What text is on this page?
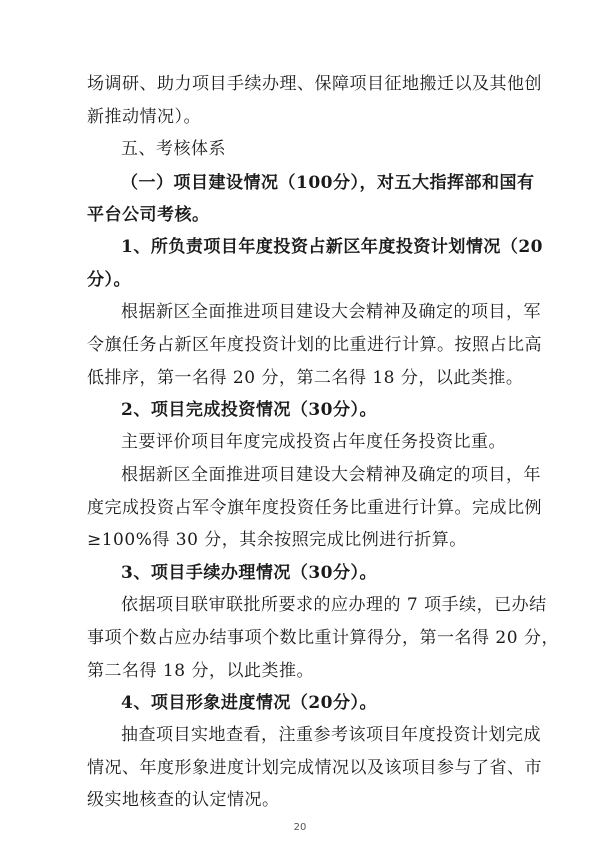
场调研、助力项目手续办理、保障项目征地搬迁以及其他创
新推动情况）。
五、考核体系
（一）项目建设情况（100分），对五大指挥部和国有
平台公司考核。
1、所负责项目年度投资占新区年度投资计划情况（20
分）。
根据新区全面推进项目建设大会精神及确定的项目，军
令旗任务占新区年度投资计划的比重进行计算。按照占比高
低排序，第一名得 20 分，第二名得 18 分，以此类推。
2、项目完成投资情况（30分）。
主要评价项目年度完成投资占年度任务投资比重。
根据新区全面推进项目建设大会精神及确定的项目，年
度完成投资占军令旗年度投资任务比重进行计算。完成比例
≥100%得 30 分，其余按照完成比例进行折算。
3、项目手续办理情况（30分）。
依据项目联审联批所要求的应办理的 7 项手续，已办结
事项个数占应办结事项个数比重计算得分，第一名得 20 分，
第二名得 18 分，以此类推。
4、项目形象进度情况（20分）。
抽查项目实地查看，注重参考该项目年度投资计划完成
情况、年度形象进度计划完成情况以及该项目参与了省、市
级实地核查的认定情况。
20
